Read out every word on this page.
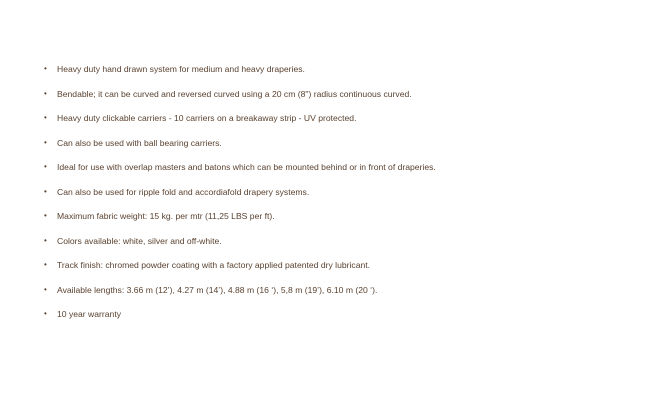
•	Heavy duty hand drawn system for medium and heavy draperies.
•	Bendable; it can be curved and reversed curved using a 20 cm (8") radius continuous curved.
•	Heavy duty clickable carriers - 10 carriers on a breakaway strip - UV protected.
•	Can also be used with ball bearing carriers.
•	Ideal for use with overlap masters and batons which can be mounted behind or in front of draperies.
•	Can also be used for ripple fold and accordiafold drapery systems.
•	Maximum fabric weight: 15 kg. per mtr (11,25 LBS per ft).
•	Colors available: white, silver and off-white.
•	Track finish: chromed powder coating with a factory applied patented dry lubricant.
•	Available lengths: 3.66 m (12’), 4.27 m (14’), 4.88 m (16 ‘), 5,8 m (19’), 6.10 m (20 ‘).
•	10 year warranty
